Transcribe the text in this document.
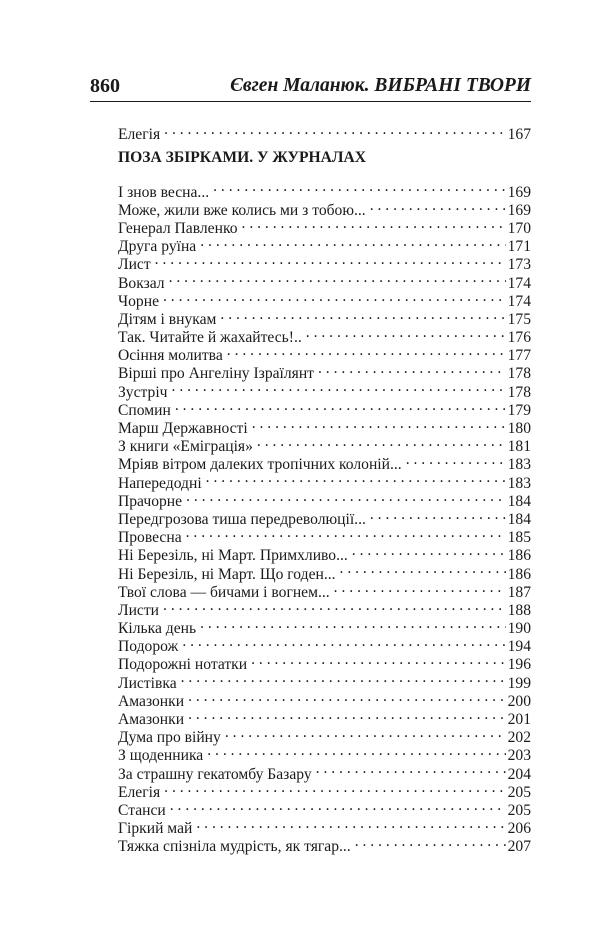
860	Євген Маланюк. ВИБРАНІ ТВОРИ
Елегія . . .	167
ПОЗА ЗБІРКАМИ. У ЖУРНАЛАХ
І знов весна... . . .	169
Може, жили вже колись ми з тобою... . . .	169
Генерал Павленко . . .	170
Друга руїна . . .	171
Лист . . .	173
Вокзал . . .	174
Чорне . . .	174
Дітям і внукам . . .	175
Так. Читайте й жахайтесь!.. . . .	176
Осіння молитва . . .	177
Вірші про Ангеліну Ізраїлянт . . .	178
Зустріч . . .	178
Спомин . . .	179
Марш Державності . . .	180
З книги «Еміграція» . . .	181
Мріяв вітром далеких тропічних колоній... . . .	183
Напередодні . . .	183
Прачорне . . .	184
Передгрозова тиша передреволюції... . . .	184
Провесна . . .	185
Ні Березіль, ні Март. Примхливо... . . .	186
Ні Березіль, ні Март. Що годен... . . .	186
Твої слова — бичами і вогнем... . . .	187
Листи . . .	188
Кілька день . . .	190
Подорож . . .	194
Подорожні нотатки . . .	196
Листівка . . .	199
Амазонки . . .	200
Амазонки . . .	201
Дума про війну . . .	202
З щоденника . . .	203
За страшну гекатомбу Базару . . .	204
Елегія . . .	205
Станси . . .	205
Гіркий май . . .	206
Тяжка спізніла мудрість, як тягар... . . .	207
